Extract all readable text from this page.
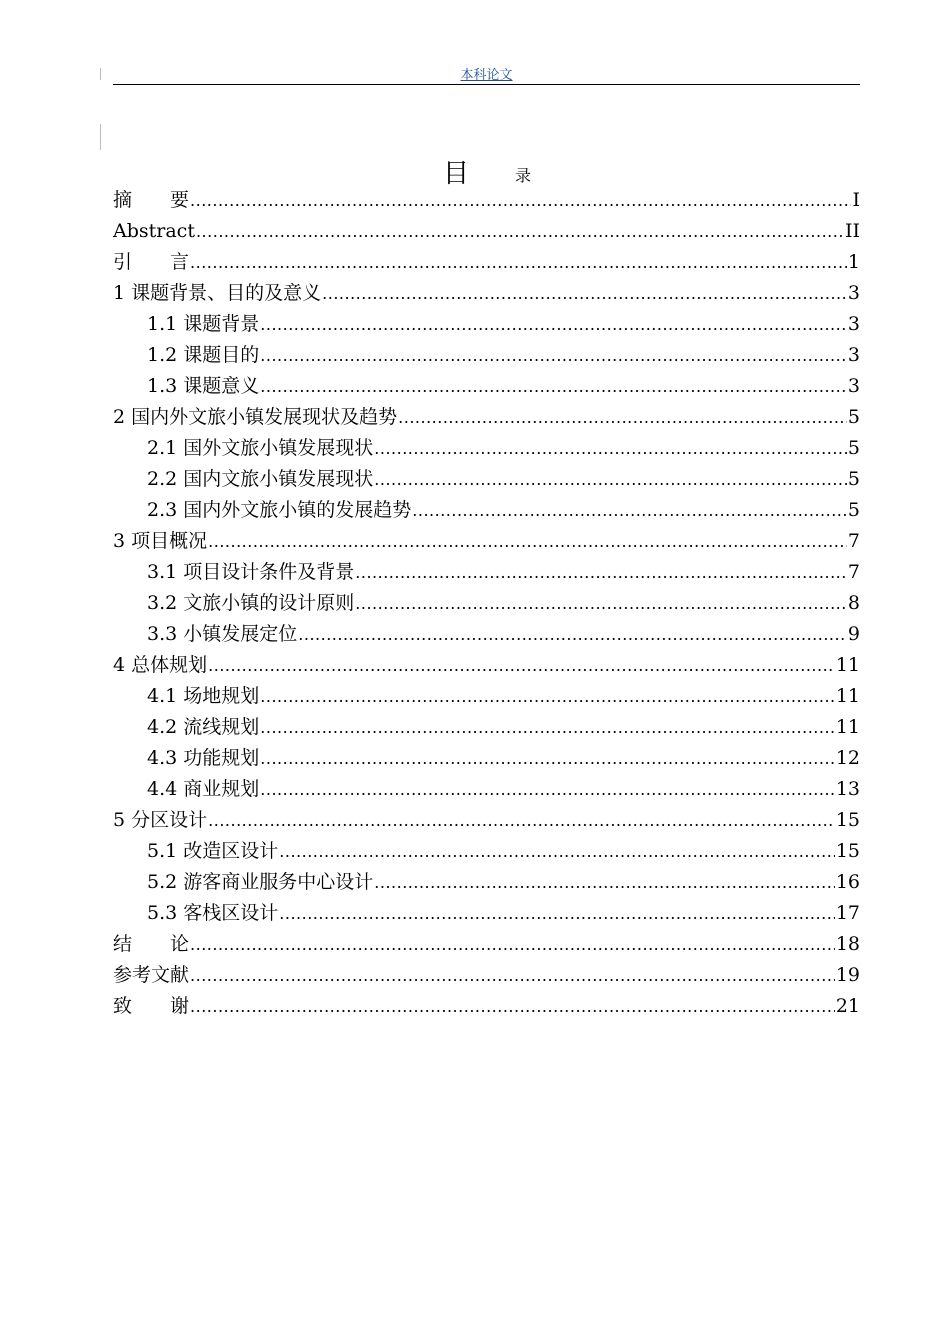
本科论文
目	录
摘　　要 .....	I
Abstract .....	II
引　　言 .....	1
1 课题背景、目的及意义 .....	3
1.1 课题背景 .....	3
1.2 课题目的 .....	3
1.3 课题意义 .....	3
2 国内外文旅小镇发展现状及趋势 .....	5
2.1 国外文旅小镇发展现状 .....	5
2.2 国内文旅小镇发展现状 .....	5
2.3 国内外文旅小镇的发展趋势 .....	5
3 项目概况 .....	7
3.1 项目设计条件及背景 .....	7
3.2 文旅小镇的设计原则 .....	8
3.3 小镇发展定位 .....	9
4 总体规划 .....	11
4.1 场地规划 .....	11
4.2 流线规划 .....	11
4.3 功能规划 .....	12
4.4 商业规划 .....	13
5 分区设计 .....	15
5.1 改造区设计 .....	15
5.2 游客商业服务中心设计 .....	16
5.3 客栈区设计 .....	17
结　　论 .....	18
参考文献 .....	19
致　　谢 .....	21
